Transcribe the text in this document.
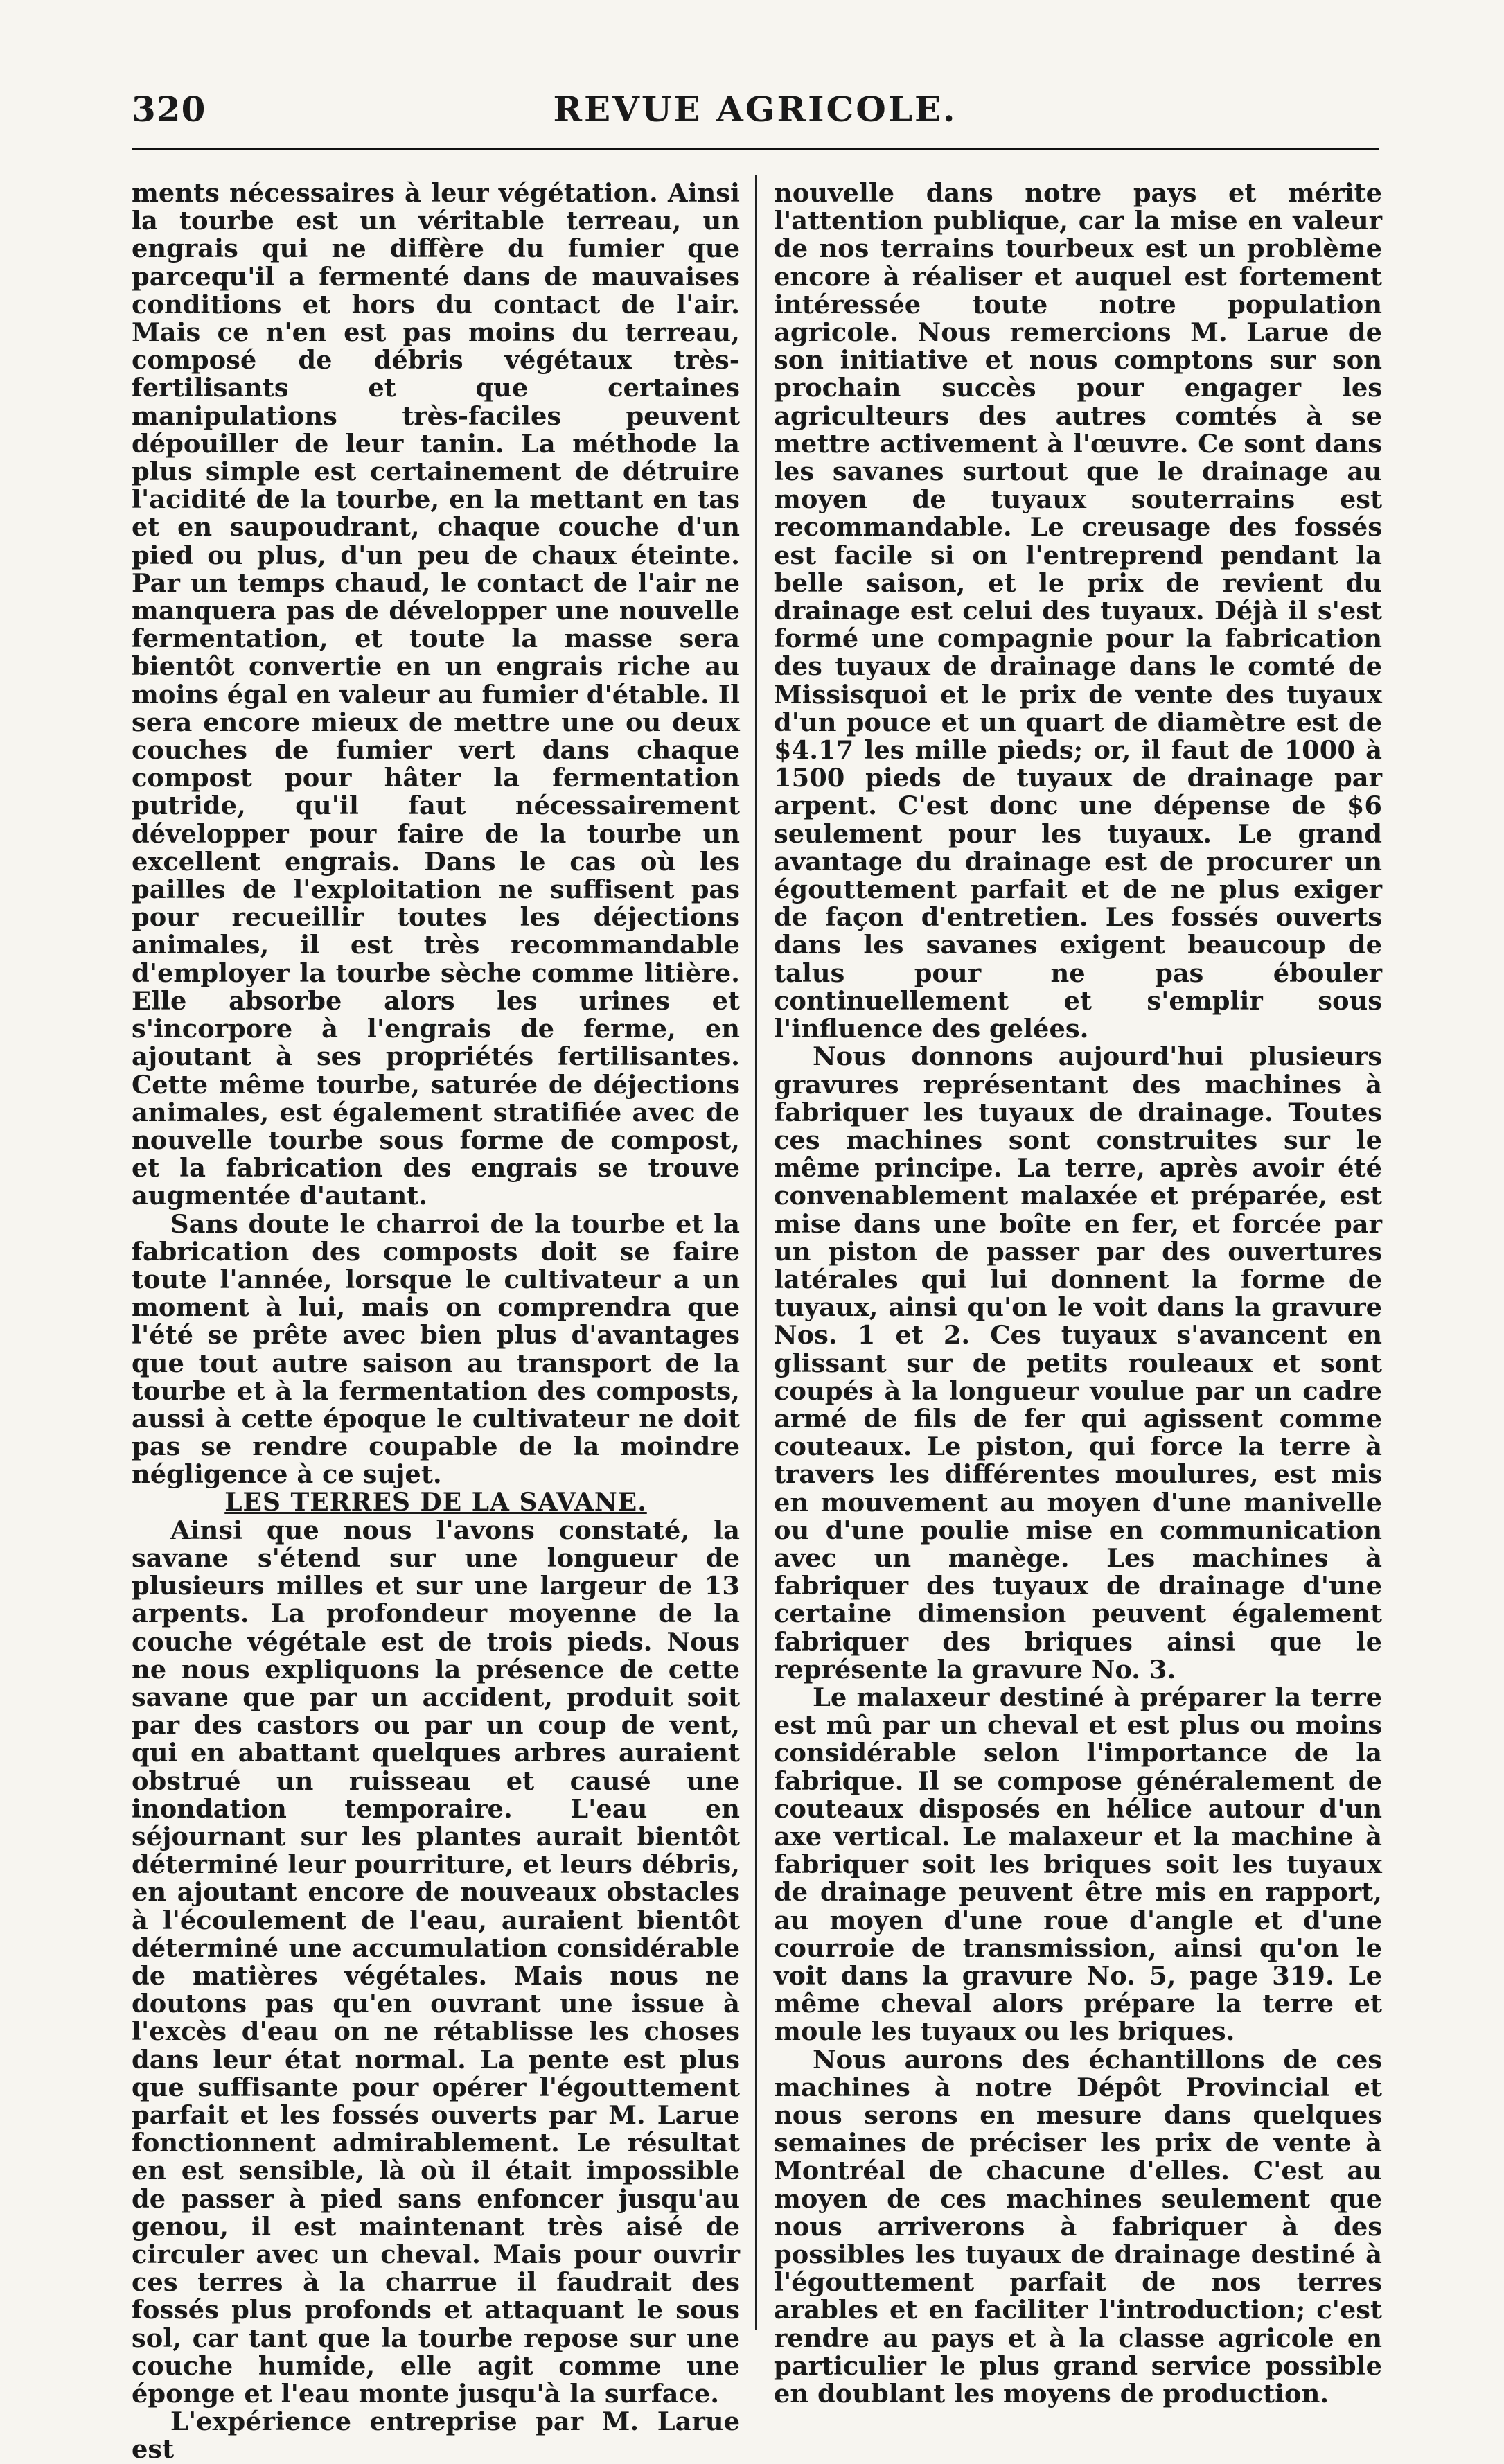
320	REVUE AGRICOLE.

ments nécessaires à leur végétation. Ainsi la tourbe est un véritable terreau, un engrais qui ne diffère du fumier que parcequ'il a fermenté dans de mauvaises conditions et hors du contact de l'air. Mais ce n'en est pas moins du terreau, composé de débris végétaux très-fertilisants et que certaines manipulations très-faciles peuvent dépouiller de leur tanin. La méthode la plus simple est certainement de détruire l'acidité de la tourbe, en la mettant en tas et en saupoudrant, chaque couche d'un pied ou plus, d'un peu de chaux éteinte. Par un temps chaud, le contact de l'air ne manquera pas de développer une nouvelle fermentation, et toute la masse sera bientôt convertie en un engrais riche au moins égal en valeur au fumier d'étable. Il sera encore mieux de mettre une ou deux couches de fumier vert dans chaque compost pour hâter la fermentation putride, qu'il faut nécessairement développer pour faire de la tourbe un excellent engrais. Dans le cas où les pailles de l'exploitation ne suffisent pas pour recueillir toutes les déjections animales, il est très recommandable d'employer la tourbe sèche comme litière. Elle absorbe alors les urines et s'incorpore à l'engrais de ferme, en ajoutant à ses propriétés fertilisantes. Cette même tourbe, saturée de déjections animales, est également stratifiée avec de nouvelle tourbe sous forme de compost, et la fabrication des engrais se trouve augmentée d'autant.

Sans doute le charroi de la tourbe et la fabrication des composts doit se faire toute l'année, lorsque le cultivateur a un moment à lui, mais on comprendra que l'été se prête avec bien plus d'avantages que tout autre saison au transport de la tourbe et à la fermentation des composts, aussi à cette époque le cultivateur ne doit pas se rendre coupable de la moindre négligence à ce sujet.

LES TERRES DE LA SAVANE.

Ainsi que nous l'avons constaté, la savane s'étend sur une longueur de plusieurs milles et sur une largeur de 13 arpents. La profondeur moyenne de la couche végétale est de trois pieds. Nous ne nous expliquons la présence de cette savane que par un accident, produit soit par des castors ou par un coup de vent, qui en abattant quelques arbres auraient obstrué un ruisseau et causé une inondation temporaire. L'eau en séjournant sur les plantes aurait bientôt déterminé leur pourriture, et leurs débris, en ajoutant encore de nouveaux obstacles à l'écoulement de l'eau, auraient bientôt déterminé une accumulation considérable de matières végétales. Mais nous ne doutons pas qu'en ouvrant une issue à l'excès d'eau on ne rétablisse les choses dans leur état normal. La pente est plus que suffisante pour opérer l'égouttement parfait et les fossés ouverts par M. Larue fonctionnent admirablement. Le résultat en est sensible, là où il était impossible de passer à pied sans enfoncer jusqu'au genou, il est maintenant très aisé de circuler avec un cheval. Mais pour ouvrir ces terres à la charrue il faudrait des fossés plus profonds et attaquant le sous sol, car tant que la tourbe repose sur une couche humide, elle agit comme une éponge et l'eau monte jusqu'à la surface.

L'expérience entreprise par M. Larue est

nouvelle dans notre pays et mérite l'attention publique, car la mise en valeur de nos terrains tourbeux est un problème encore à réaliser et auquel est fortement intéressée toute notre population agricole. Nous remercions M. Larue de son initiative et nous comptons sur son prochain succès pour engager les agriculteurs des autres comtés à se mettre activement à l'œuvre. Ce sont dans les savanes surtout que le drainage au moyen de tuyaux souterrains est recommandable. Le creusage des fossés est facile si on l'entreprend pendant la belle saison, et le prix de revient du drainage est celui des tuyaux. Déjà il s'est formé une compagnie pour la fabrication des tuyaux de drainage dans le comté de Missisquoi et le prix de vente des tuyaux d'un pouce et un quart de diamètre est de $4.17 les mille pieds; or, il faut de 1000 à 1500 pieds de tuyaux de drainage par arpent. C'est donc une dépense de $6 seulement pour les tuyaux. Le grand avantage du drainage est de procurer un égouttement parfait et de ne plus exiger de façon d'entretien. Les fossés ouverts dans les savanes exigent beaucoup de talus pour ne pas ébouler continuellement et s'emplir sous l'influence des gelées.

Nous donnons aujourd'hui plusieurs gravures représentant des machines à fabriquer les tuyaux de drainage. Toutes ces machines sont construites sur le même principe. La terre, après avoir été convenablement malaxée et préparée, est mise dans une boîte en fer, et forcée par un piston de passer par des ouvertures latérales qui lui donnent la forme de tuyaux, ainsi qu'on le voit dans la gravure Nos. 1 et 2. Ces tuyaux s'avancent en glissant sur de petits rouleaux et sont coupés à la longueur voulue par un cadre armé de fils de fer qui agissent comme couteaux. Le piston, qui force la terre à travers les différentes moulures, est mis en mouvement au moyen d'une manivelle ou d'une poulie mise en communication avec un manège. Les machines à fabriquer des tuyaux de drainage d'une certaine dimension peuvent également fabriquer des briques ainsi que le représente la gravure No. 3.

Le malaxeur destiné à préparer la terre est mû par un cheval et est plus ou moins considérable selon l'importance de la fabrique. Il se compose généralement de couteaux disposés en hélice autour d'un axe vertical. Le malaxeur et la machine à fabriquer soit les briques soit les tuyaux de drainage peuvent être mis en rapport, au moyen d'une roue d'angle et d'une courroie de transmission, ainsi qu'on le voit dans la gravure No. 5, page 319. Le même cheval alors prépare la terre et moule les tuyaux ou les briques.

Nous aurons des échantillons de ces machines à notre Dépôt Provincial et nous serons en mesure dans quelques semaines de préciser les prix de vente à Montréal de chacune d'elles. C'est au moyen de ces machines seulement que nous arriverons à fabriquer à des possibles les tuyaux de drainage destiné à l'égouttement parfait de nos terres arables et en faciliter l'introduction; c'est rendre au pays et à la classe agricole en particulier le plus grand service possible en doublant les moyens de production.
